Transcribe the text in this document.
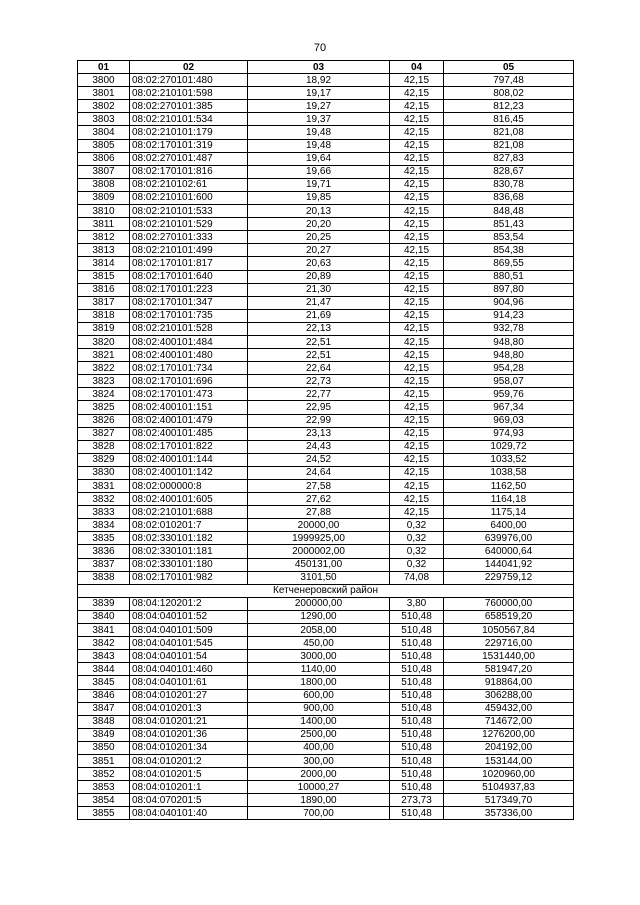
70
01	02	03	04	05
3800	08:02:270101:480	18,92	42,15	797,48
3801	08:02:210101:598	19,17	42,15	808,02
3802	08:02:270101:385	19,27	42,15	812,23
3803	08:02:210101:534	19,37	42,15	816,45
3804	08:02:210101:179	19,48	42,15	821,08
3805	08:02:170101:319	19,48	42,15	821,08
3806	08:02:270101:487	19,64	42,15	827,83
3807	08:02:170101:816	19,66	42,15	828,67
3808	08:02:210102:61	19,71	42,15	830,78
3809	08:02:210101:600	19,85	42,15	836,68
3810	08:02:210101:533	20,13	42,15	848,48
3811	08:02:210101:529	20,20	42,15	851,43
3812	08:02:270101:333	20,25	42,15	853,54
3813	08:02:210101:499	20,27	42,15	854,38
3814	08:02:170101:817	20,63	42,15	869,55
3815	08:02:170101:640	20,89	42,15	880,51
3816	08:02:170101:223	21,30	42,15	897,80
3817	08:02:170101:347	21,47	42,15	904,96
3818	08:02:170101:735	21,69	42,15	914,23
3819	08:02:210101:528	22,13	42,15	932,78
3820	08:02:400101:484	22,51	42,15	948,80
3821	08:02:400101:480	22,51	42,15	948,80
3822	08:02:170101:734	22,64	42,15	954,28
3823	08:02:170101:696	22,73	42,15	958,07
3824	08:02:170101:473	22,77	42,15	959,76
3825	08:02:400101:151	22,95	42,15	967,34
3826	08:02:400101:479	22,99	42,15	969,03
3827	08:02:400101:485	23,13	42,15	974,93
3828	08:02:170101:822	24,43	42,15	1029,72
3829	08:02:400101:144	24,52	42,15	1033,52
3830	08:02:400101:142	24,64	42,15	1038,58
3831	08:02:000000:8	27,58	42,15	1162,50
3832	08:02:400101:605	27,62	42,15	1164,18
3833	08:02:210101:688	27,88	42,15	1175,14
3834	08:02:010201:7	20000,00	0,32	6400,00
3835	08:02:330101:182	1999925,00	0,32	639976,00
3836	08:02:330101:181	2000002,00	0,32	640000,64
3837	08:02:330101:180	450131,00	0,32	144041,92
3838	08:02:170101:982	3101,50	74,08	229759,12
Кетченеровский район				
3839	08:04:120201:2	200000,00	3,80	760000,00
3840	08:04:040101:52	1290,00	510,48	658519,20
3841	08:04:040101:509	2058,00	510,48	1050567,84
3842	08:04:040101:545	450,00	510,48	229716,00
3843	08:04:040101:54	3000,00	510,48	1531440,00
3844	08:04:040101:460	1140,00	510,48	581947,20
3845	08:04:040101:61	1800,00	510,48	918864,00
3846	08:04:010201:27	600,00	510,48	306288,00
3847	08:04:010201:3	900,00	510,48	459432,00
3848	08:04:010201:21	1400,00	510,48	714672,00
3849	08:04:010201:36	2500,00	510,48	1276200,00
3850	08:04:010201:34	400,00	510,48	204192,00
3851	08:04:010201:2	300,00	510,48	153144,00
3852	08:04:010201:5	2000,00	510,48	1020960,00
3853	08:04:010201:1	10000,27	510,48	5104937,83
3854	08:04:070201:5	1890,00	273,73	517349,70
3855	08:04:040101:40	700,00	510,48	357336,00
